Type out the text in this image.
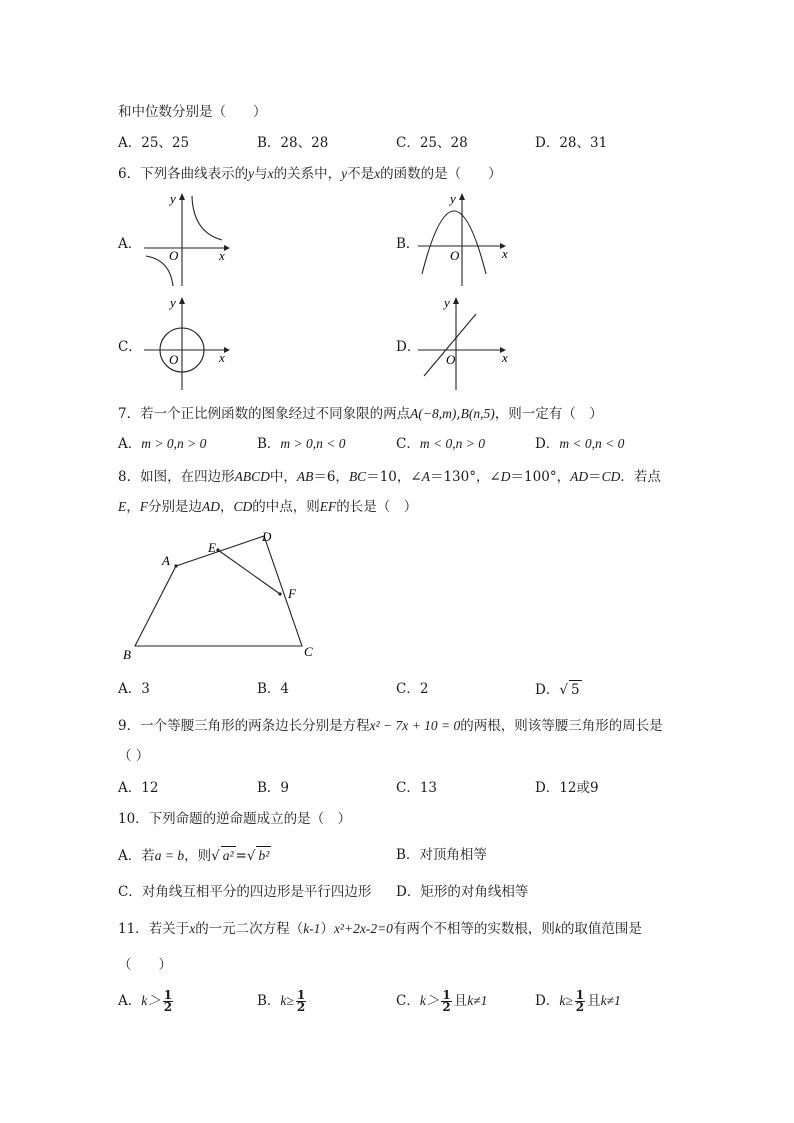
和中位数分别是（　　）
A．25、25	B．28、28	C．25、28	D．28、31
6．下列各曲线表示的y与x的关系中，y不是x的函数的是（　　）
A．
x
y
O
B．
x
y
O
C．
x
y
O
D．
x
y
O
7．若一个正比例函数的图象经过不同象限的两点A(−8,m),B(n,5)，则一定有（　）
A．m > 0,n > 0	B．m > 0,n < 0	C．m < 0,n > 0	D．m < 0,n < 0
8．如图，在四边形ABCD中，AB＝6，BC＝10，∠A＝130°，∠D＝100°，AD＝CD．若点
E，F分别是边AD，CD的中点，则EF的长是（　）
A
E
D
F
B	C
A．3	B．4	C．2	D．√ 5
9．一个等腰三角形的两条边长分别是方程x² − 7x + 10 = 0的两根，则该等腰三角形的周长是
（ ）
A．12	B．9	C．13	D．12或9
10．下列命题的逆命题成立的是（　）
A．若a = b，则√ a² =√ b²	B．对顶角相等
C．对角线互相平分的四边形是平行四边形 D．矩形的对角线相等
11．若关于x的一元二次方程（k-1）x²+2x-2=0有两个不相等的实数根，则k的取值范围是
（　　）
A．$k> \frac{1}{2}$	B．$k\ge \frac{1}{2}$	C．$k> \frac{1}{2}$ 且k≠1	D．$k\ge \frac{1}{2}$ 且k≠1
